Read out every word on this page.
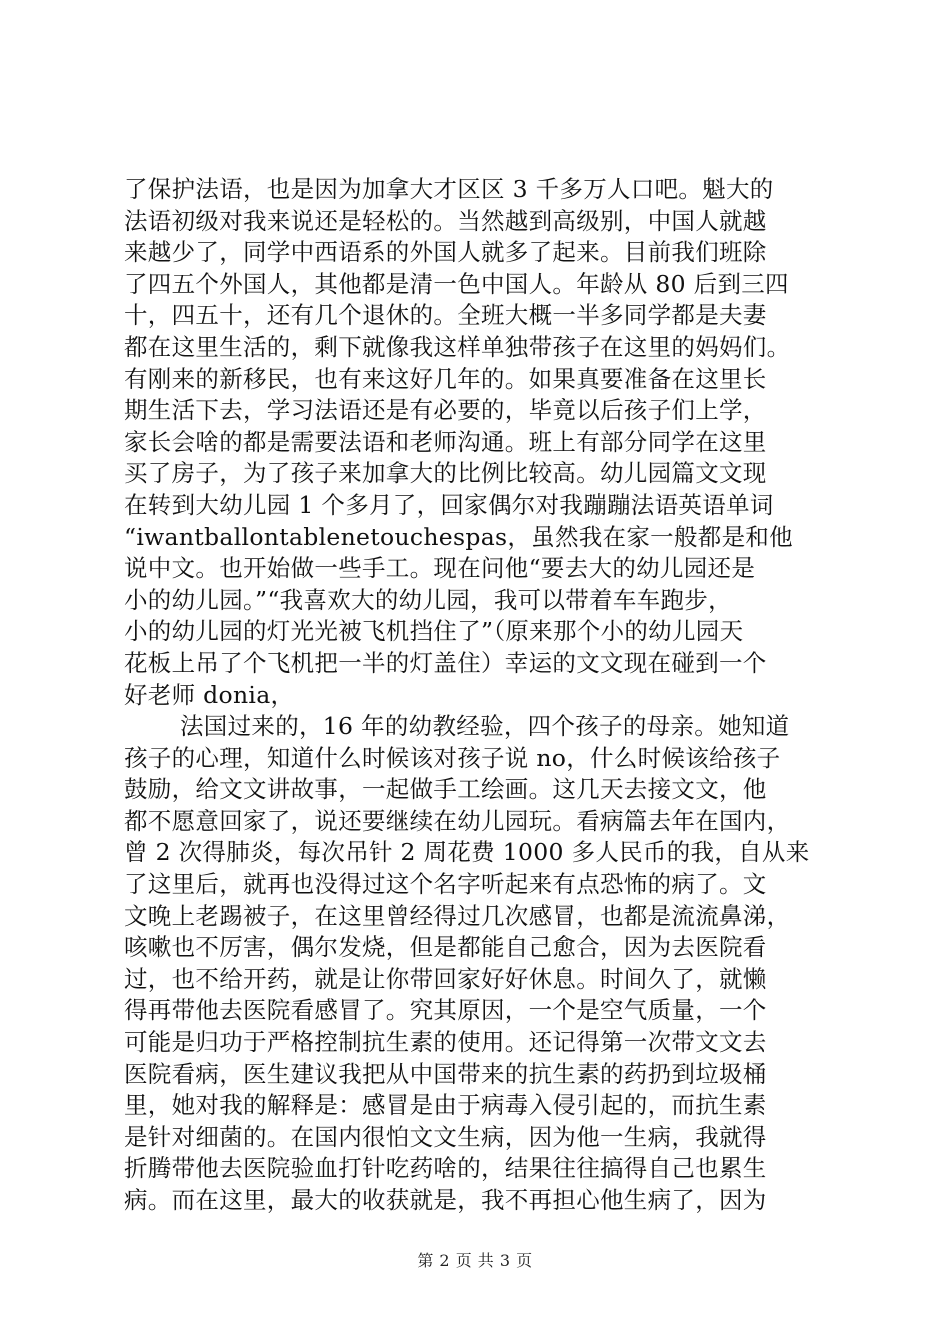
了保护法语，也是因为加拿大才区区 3 千多万人口吧。魁大的
法语初级对我来说还是轻松的。当然越到高级别，中国人就越
来越少了，同学中西语系的外国人就多了起来。目前我们班除
了四五个外国人，其他都是清一色中国人。年龄从 80 后到三四
十，四五十，还有几个退休的。全班大概一半多同学都是夫妻
都在这里生活的，剩下就像我这样单独带孩子在这里的妈妈们。
有刚来的新移民，也有来这好几年的。如果真要准备在这里长
期生活下去，学习法语还是有必要的，毕竟以后孩子们上学，
家长会啥的都是需要法语和老师沟通。班上有部分同学在这里
买了房子，为了孩子来加拿大的比例比较高。幼儿园篇文文现
在转到大幼儿园 1 个多月了，回家偶尔对我蹦蹦法语英语单词
“iwantballontablenetouchespas，虽然我在家一般都是和他
说中文。也开始做一些手工。现在问他“要去大的幼儿园还是
小的幼儿园。”“我喜欢大的幼儿园，我可以带着车车跑步，
小的幼儿园的灯光光被飞机挡住了”（原来那个小的幼儿园天
花板上吊了个飞机把一半的灯盖住）幸运的文文现在碰到一个
好老师 donia，
法国过来的，16 年的幼教经验，四个孩子的母亲。她知道
孩子的心理，知道什么时候该对孩子说 no，什么时候该给孩子
鼓励，给文文讲故事，一起做手工绘画。这几天去接文文，他
都不愿意回家了，说还要继续在幼儿园玩。看病篇去年在国内，
曾 2 次得肺炎，每次吊针 2 周花费 1000 多人民币的我，自从来
了这里后，就再也没得过这个名字听起来有点恐怖的病了。文
文晚上老踢被子，在这里曾经得过几次感冒，也都是流流鼻涕，
咳嗽也不厉害，偶尔发烧，但是都能自己愈合，因为去医院看
过，也不给开药，就是让你带回家好好休息。时间久了，就懒
得再带他去医院看感冒了。究其原因，一个是空气质量，一个
可能是归功于严格控制抗生素的使用。还记得第一次带文文去
医院看病，医生建议我把从中国带来的抗生素的药扔到垃圾桶
里，她对我的解释是：感冒是由于病毒入侵引起的，而抗生素
是针对细菌的。在国内很怕文文生病，因为他一生病，我就得
折腾带他去医院验血打针吃药啥的，结果往往搞得自己也累生
病。而在这里，最大的收获就是，我不再担心他生病了，因为
第 2 页 共 3 页
